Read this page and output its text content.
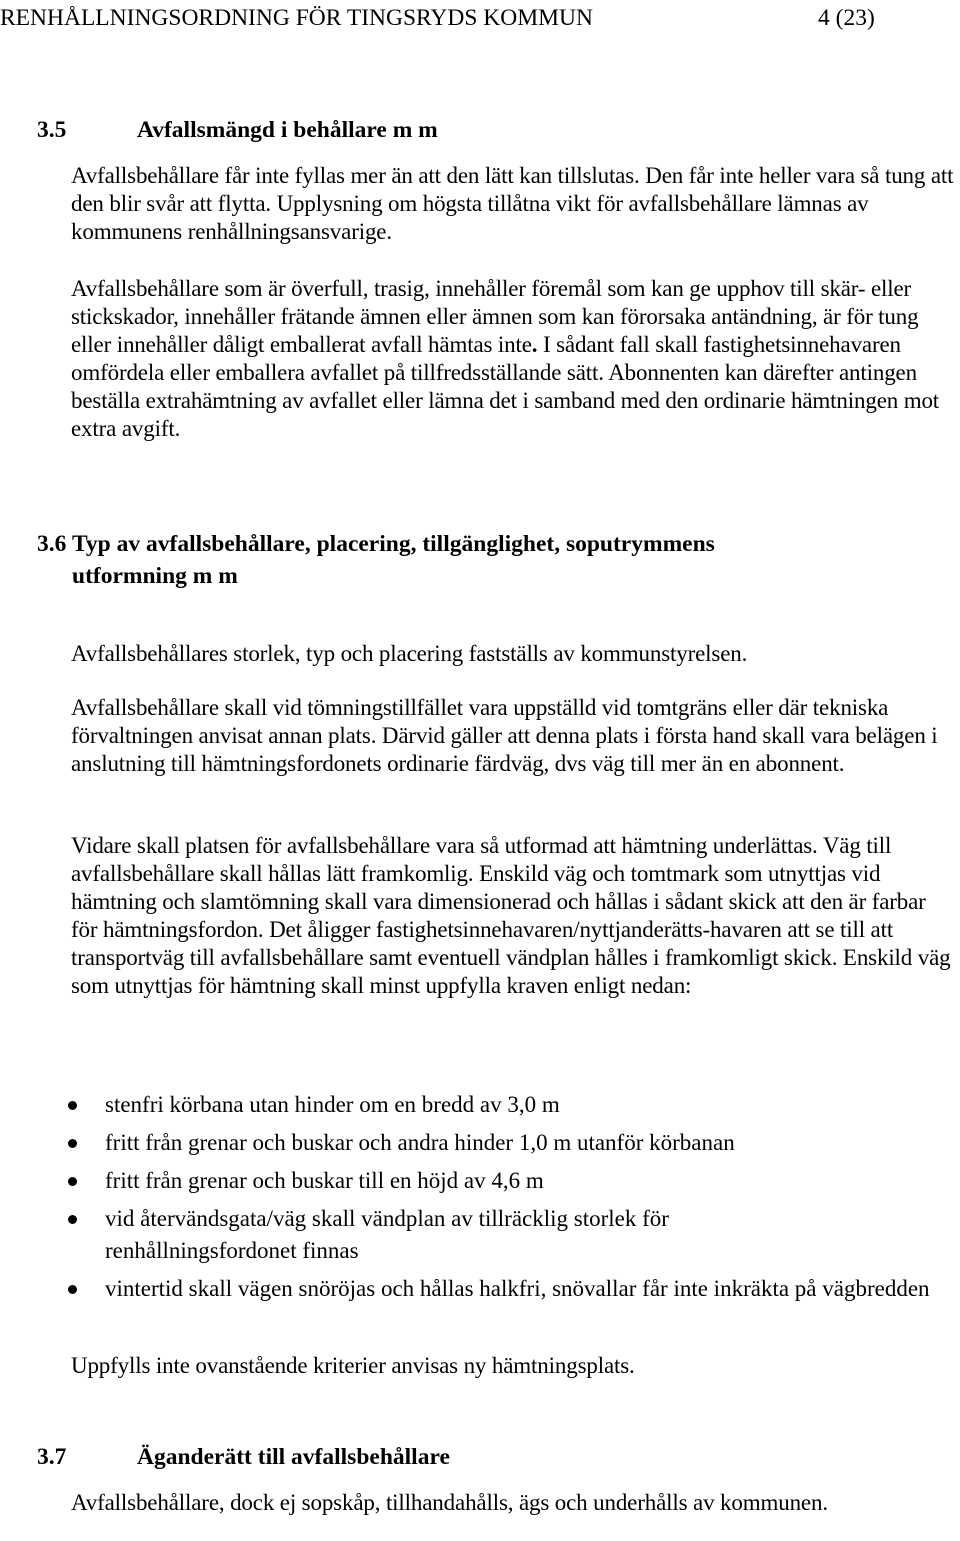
RENHÅLLNINGSORDNING FÖR TINGSRYDS KOMMUN	4 (23)
3.5	Avfallsmängd i behållare m m
Avfallsbehållare får inte fyllas mer än att den lätt kan tillslutas. Den får inte heller vara så tung att den blir svår att flytta. Upplysning om högsta tillåtna vikt för avfallsbehållare lämnas av kommunens renhållningsansvarige.
Avfallsbehållare som är överfull, trasig, innehåller föremål som kan ge upphov till skär- eller stickskador, innehåller frätande ämnen eller ämnen som kan förorsaka antändning, är för tung eller innehåller dåligt emballerat avfall hämtas inte. I sådant fall skall fastighetsinnehavaren omfördela eller emballera avfallet på tillfredsställande sätt. Abonnenten kan därefter antingen beställa extrahämtning av avfallet eller lämna det i samband med den ordinarie hämtningen mot extra avgift.
3.6 Typ av avfallsbehållare, placering, tillgänglighet, soputrymmens
utformning m m
Avfallsbehållares storlek, typ och placering fastställs av kommunstyrelsen.
Avfallsbehållare skall vid tömningstillfället vara uppställd vid tomtgräns eller där tekniska förvaltningen anvisat annan plats. Därvid gäller att denna plats i första hand skall vara belägen i anslutning till hämtningsfordonets ordinarie färdväg, dvs väg till mer än en abonnent.
Vidare skall platsen för avfallsbehållare vara så utformad att hämtning underlättas. Väg till avfallsbehållare skall hållas lätt framkomlig. Enskild väg och tomtmark som utnyttjas vid hämtning och slamtömning skall vara dimensionerad och hållas i sådant skick att den är farbar för hämtningsfordon. Det åligger fastighetsinnehavaren/nyttjanderätts-havaren att se till att transportväg till avfallsbehållare samt eventuell vändplan hålles i framkomligt skick. Enskild väg som utnyttjas för hämtning skall minst uppfylla kraven enligt nedan:
stenfri körbana utan hinder om en bredd av 3,0 m
fritt från grenar och buskar och andra hinder 1,0 m utanför körbanan
fritt från grenar och buskar till en höjd av 4,6 m
vid återvändsgata/väg skall vändplan av tillräcklig storlek för renhållningsfordonet finnas
vintertid skall vägen snöröjas och hållas halkfri, snövallar får inte inkräkta på vägbredden
Uppfylls inte ovanstående kriterier anvisas ny hämtningsplats.
3.7	Äganderätt till avfallsbehållare
Avfallsbehållare, dock ej sopskåp, tillhandahålls, ägs och underhålls av kommunen.
